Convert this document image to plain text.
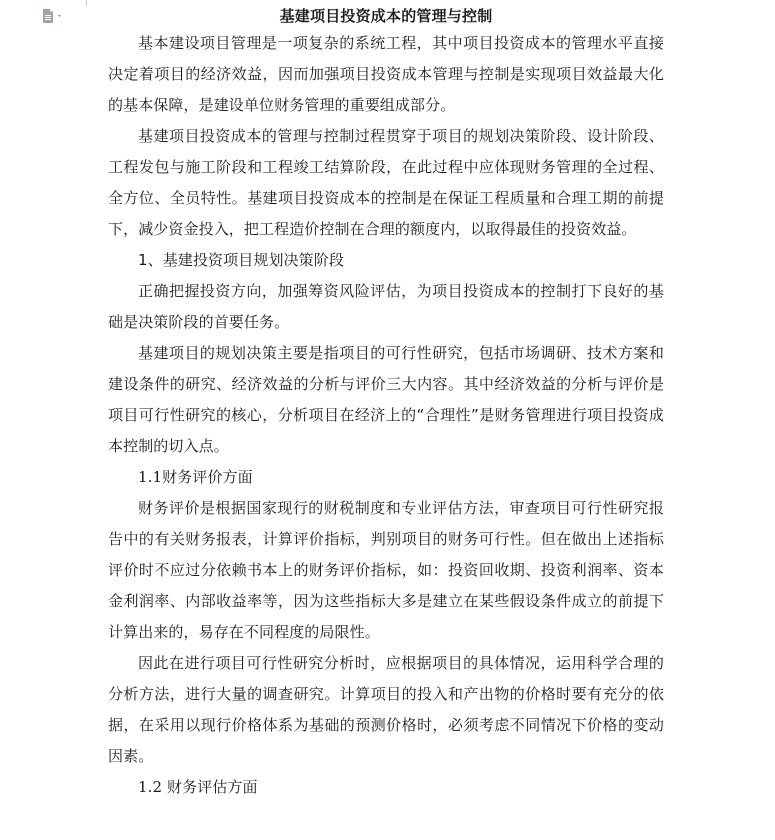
基建项目投资成本的管理与控制

基本建设项目管理是一项复杂的系统工程，其中项目投资成本的管理水平直接决定着项目的经济效益，因而加强项目投资成本管理与控制是实现项目效益最大化的基本保障，是建设单位财务管理的重要组成部分。

基建项目投资成本的管理与控制过程贯穿于项目的规划决策阶段、设计阶段、工程发包与施工阶段和工程竣工结算阶段，在此过程中应体现财务管理的全过程、全方位、全员特性。基建项目投资成本的控制是在保证工程质量和合理工期的前提下，减少资金投入，把工程造价控制在合理的额度内，以取得最佳的投资效益。

1、基建投资项目规划决策阶段

正确把握投资方向，加强筹资风险评估，为项目投资成本的控制打下良好的基础是决策阶段的首要任务。

基建项目的规划决策主要是指项目的可行性研究，包括市场调研、技术方案和建设条件的研究、经济效益的分析与评价三大内容。其中经济效益的分析与评价是项目可行性研究的核心，分析项目在经济上的“合理性”是财务管理进行项目投资成本控制的切入点。

1.1财务评价方面

财务评价是根据国家现行的财税制度和专业评估方法，审查项目可行性研究报告中的有关财务报表，计算评价指标，判别项目的财务可行性。但在做出上述指标评价时不应过分依赖书本上的财务评价指标，如：投资回收期、投资利润率、资本金利润率、内部收益率等，因为这些指标大多是建立在某些假设条件成立的前提下计算出来的，易存在不同程度的局限性。

因此在进行项目可行性研究分析时，应根据项目的具体情况，运用科学合理的分析方法，进行大量的调查研究。计算项目的投入和产出物的价格时要有充分的依据，在采用以现行价格体系为基础的预测价格时，必须考虑不同情况下价格的变动因素。

1.2 财务评估方面
